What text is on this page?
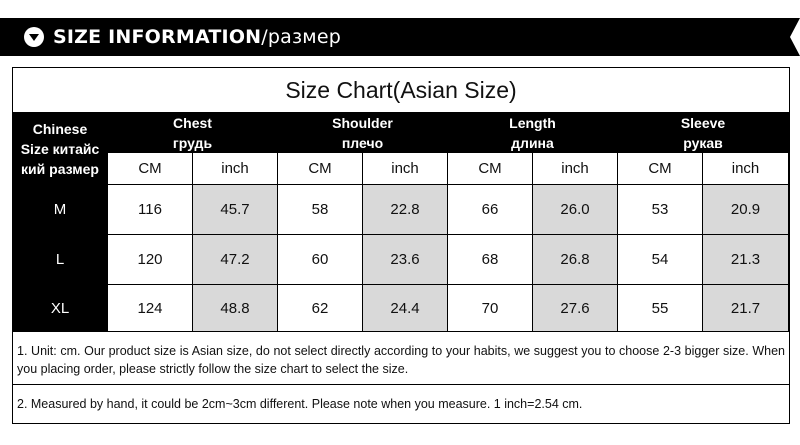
SIZE INFORMATION/размер
Size Chart(Asian Size)
Chinese
Size китайс
кий размер
Chest
грудь
CM	inch
Shoulder
плечо
CM	inch
Length
длина
CM	inch
Sleeve
рукав
CM	inch
M	116	45.7	58	22.8	66	26.0	53	20.9
L	120	47.2	60	23.6	68	26.8	54	21.3
XL	124	48.8	62	24.4	70	27.6	55	21.7
1. Unit: cm. Our product size is Asian size, do not select directly according to your habits, we suggest you to choose 2-3 bigger size. When you placing order, please strictly follow the size chart to select the size.
2. Measured by hand, it could be 2cm~3cm different. Please note when you measure. 1 inch=2.54 cm.
